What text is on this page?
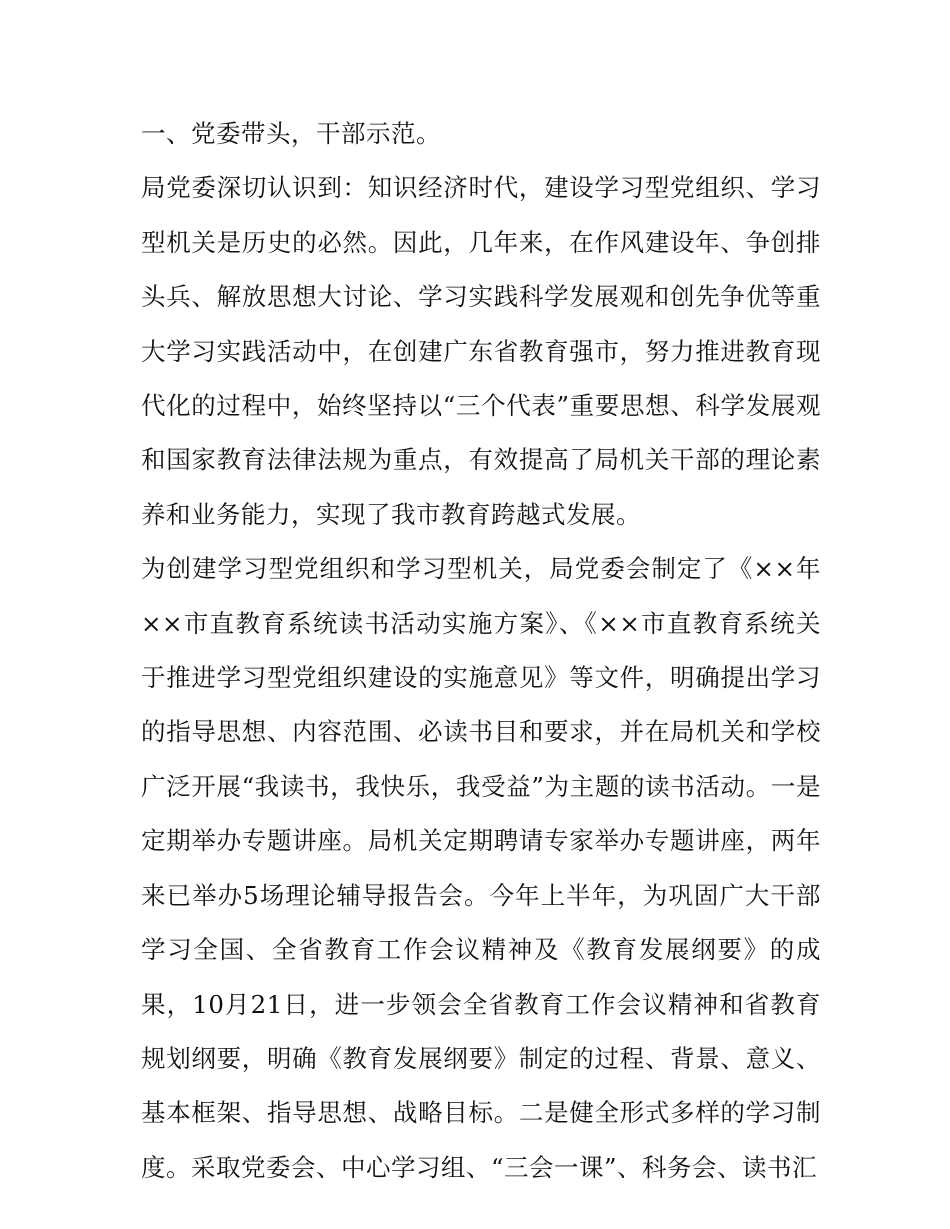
一、党委带头，干部示范。

局党委深切认识到：知识经济时代，建设学习型党组织、学习型机关是历史的必然。因此，几年来，在作风建设年、争创排头兵、解放思想大讨论、学习实践科学发展观和创先争优等重大学习实践活动中，在创建广东省教育强市，努力推进教育现代化的过程中，始终坚持以“三个代表”重要思想、科学发展观和国家教育法律法规为重点，有效提高了局机关干部的理论素养和业务能力，实现了我市教育跨越式发展。

为创建学习型党组织和学习型机关，局党委会制定了《××年××市直教育系统读书活动实施方案》、《××市直教育系统关于推进学习型党组织建设的实施意见》等文件，明确提出学习的指导思想、内容范围、必读书目和要求，并在局机关和学校广泛开展“我读书，我快乐，我受益”为主题的读书活动。一是定期举办专题讲座。局机关定期聘请专家举办专题讲座，两年来已举办5场理论辅导报告会。今年上半年，为巩固广大干部学习全国、全省教育工作会议精神及《教育发展纲要》的成果，10月21日，进一步领会全省教育工作会议精神和省教育规划纲要，明确《教育发展纲要》制定的过程、背景、意义、基本框架、指导思想、战略目标。二是健全形式多样的学习制度。采取党委会、中心学习组、“三会一课”、科务会、读书汇
